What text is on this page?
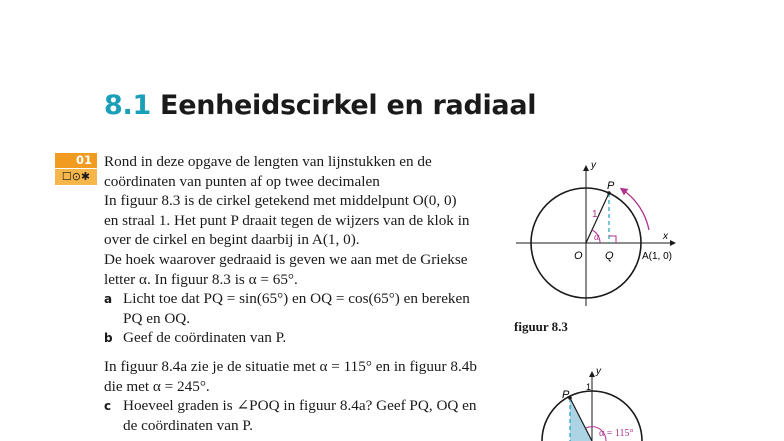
8.1 Eenheidscirkel en radiaal
01
☐⊙✱
Rond in deze opgave de lengten van lijnstukken en de
coördinaten van punten af op twee decimalen
In figuur 8.3 is de cirkel getekend met middelpunt O(0, 0)
en straal 1. Het punt P draait tegen de wijzers van de klok in
over de cirkel en begint daarbij in A(1, 0).
De hoek waarover gedraaid is geven we aan met de Griekse
letter α. In figuur 8.3 is α = 65°.
a Licht toe dat PQ = sin(65°) en OQ = cos(65°) en bereken
PQ en OQ.
b Geef de coördinaten van P.
In figuur 8.4a zie je de situatie met α = 115° en in figuur 8.4b
die met α = 245°.
c Hoeveel graden is ∠POQ in figuur 8.4a? Geef PQ, OQ en
de coördinaten van P.
y
x
P
O Q	A(1, 0)
1
α
figuur 8.3
y
P
1
α = 115°
